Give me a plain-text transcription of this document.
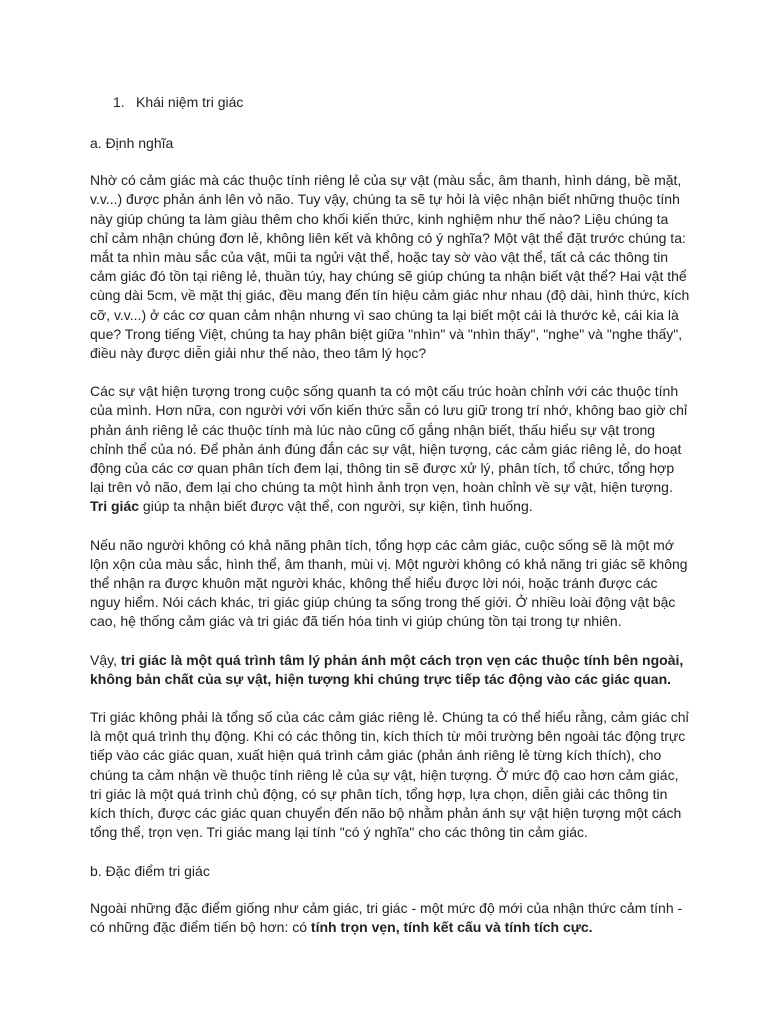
1. Khái niệm tri giác

a. Định nghĩa

Nhờ có cảm giác mà các thuộc tính riêng lẻ của sự vật (màu sắc, âm thanh, hình dáng, bề mặt, v.v...) được phản ánh lên vỏ não. Tuy vậy, chúng ta sẽ tự hỏi là việc nhận biết những thuộc tính này giúp chúng ta làm giàu thêm cho khối kiến thức, kinh nghiệm như thế nào? Liệu chúng ta chỉ cảm nhận chúng đơn lẻ, không liên kết và không có ý nghĩa? Một vật thể đặt trước chúng ta: mắt ta nhìn màu sắc của vật, mũi ta ngửi vật thể, hoặc tay sờ vào vật thể, tất cả các thông tin cảm giác đó tồn tại riêng lẻ, thuần túy, hay chúng sẽ giúp chúng ta nhận biết vật thể? Hai vật thể cùng dài 5cm, về mặt thị giác, đều mang đến tín hiệu cảm giác như nhau (độ dài, hình thức, kích cỡ, v.v...) ở các cơ quan cảm nhận nhưng vì sao chúng ta lại biết một cái là thước kẻ, cái kia là que? Trong tiếng Việt, chúng ta hay phân biệt giữa "nhìn" và "nhìn thấy", "nghe" và "nghe thấy", điều này được diễn giải như thế nào, theo tâm lý học?

Các sự vật hiện tượng trong cuộc sống quanh ta có một cấu trúc hoàn chỉnh với các thuộc tính của mình. Hơn nữa, con người với vốn kiến thức sẵn có lưu giữ trong trí nhớ, không bao giờ chỉ phản ánh riêng lẻ các thuộc tính mà lúc nào cũng cố gắng nhận biết, thấu hiểu sự vật trong chỉnh thể của nó. Để phản ánh đúng đắn các sự vật, hiện tượng, các cảm giác riêng lẻ, do hoạt động của các cơ quan phân tích đem lại, thông tin sẽ được xử lý, phân tích, tổ chức, tổng hợp lại trên vỏ não, đem lại cho chúng ta một hình ảnh trọn vẹn, hoàn chỉnh về sự vật, hiện tượng. Tri giác giúp ta nhận biết được vật thể, con người, sự kiện, tình huống.

Nếu não người không có khả năng phân tích, tổng hợp các cảm giác, cuộc sống sẽ là một mớ lộn xộn của màu sắc, hình thể, âm thanh, mùi vị. Một người không có khả năng tri giác sẽ không thể nhận ra được khuôn mặt người khác, không thể hiểu được lời nói, hoặc tránh được các nguy hiểm. Nói cách khác, tri giác giúp chúng ta sống trong thế giới. Ở nhiều loài động vật bậc cao, hệ thống cảm giác và tri giác đã tiến hóa tinh vi giúp chúng tồn tại trong tự nhiên.

Vậy, tri giác là một quá trình tâm lý phản ánh một cách trọn vẹn các thuộc tính bên ngoài, không bản chất của sự vật, hiện tượng khi chúng trực tiếp tác động vào các giác quan.

Tri giác không phải là tổng số của các cảm giác riêng lẻ. Chúng ta có thể hiểu rằng, cảm giác chỉ là một quá trình thụ động. Khi có các thông tin, kích thích từ môi trường bên ngoài tác động trực tiếp vào các giác quan, xuất hiện quá trình cảm giác (phản ánh riêng lẻ từng kích thích), cho chúng ta cảm nhận về thuộc tính riêng lẻ của sự vật, hiện tượng. Ở mức độ cao hơn cảm giác, tri giác là một quá trình chủ động, có sự phân tích, tổng hợp, lựa chọn, diễn giải các thông tin kích thích, được các giác quan chuyển đến não bộ nhằm phản ánh sự vật hiện tượng một cách tổng thể, trọn vẹn. Tri giác mang lại tính "có ý nghĩa" cho các thông tin cảm giác.

b. Đặc điểm tri giác

Ngoài những đặc điểm giống như cảm giác, tri giác - một mức độ mới của nhận thức cảm tính - có những đặc điểm tiến bộ hơn: có tính trọn vẹn, tính kết cấu và tính tích cực.
